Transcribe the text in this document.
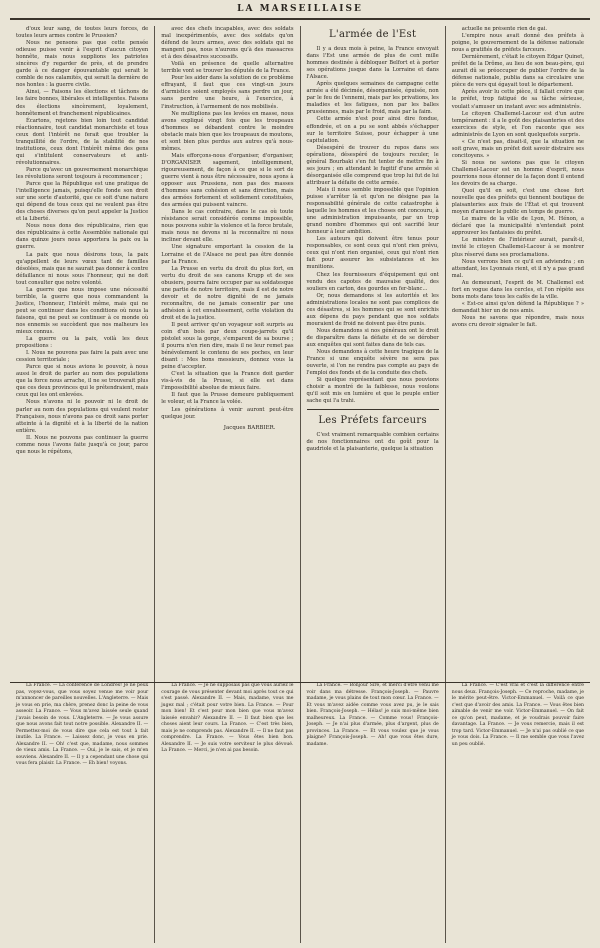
LA MARSEILLAISE

d'oux leur sang, de toutes leurs forces, de toutes leurs armes contre le Prussien?

Nous ne pensons pas que cette pensée odieuse puisse venir à l'esprit d'aucun citoyen honnête, mais nous supplions les patriotes sincères d'y regarder de près, et de prendre garde à ce danger épouvantable qui serait le comble de nos calamités, qui serait la dernière de nos hontes : la guerre civile.

Ainsi, — Faisons les élections et tâchons de les faire bonnes, libérales et intelligentes. Faisons des élections sincèrement, loyalement, honnêtement et franchement républicaines.

Écartons, rejetons bien loin tout candidat réactionnaire, tout candidat monarchiste et tous ceux dont l'intérêt ne ferait que troubler la tranquillité de l'ordre, de la stabilité de nos institutions, ceux dont l'intérêt même des gens qui s'intitulent conservateurs et anti-révolutionnaires.

Parce qu'avec un gouvernement monarchique les révolutions seront toujours à recommencer ;

Parce que la République est une pratique de l'intelligence jamais, puisqu'elle fonde son droit sur une sorte d'autorité, que ce soit d'une nature qui dépend de tous ceux qui ne veulent pas être des choses diverses qu'on peut appeler la Justice et la Liberté.

Nous nous dons des républicains, rien que des républicains à cette Assemblée nationale qui dans quinze jours nous apportera la paix ou la guerre.

La paix que nous désirons tous, la paix qu'appellent de leurs vœux tant de familles désolées, mais que ne saurait pas donner à contre défaillance ni nous sous l'honneur, qui ne doit tout consulter que notre volonté.

La guerre que nous impose une nécessité terrible, la guerre que nous commandent la Justice, l'honneur, l'intérêt même, mais qui ne peut se continuer dans les conditions où nous la faisons, qui ne peut se continuer à ce monde où nos ennemis se succèdent que nos malheurs les mieux connus.

La guerre ou la paix, voilà les deux propositions :

I. Nous ne pouvons pas faire la paix avec une cession territoriale ;

Parce que si nous avions le pouvoir, à nous aussi le droit de parler au nom des populations que la force nous arrache, il ne se trouverait plus que ces deux provinces qui le prétendraient, mais ceux qui les ont enlevées.

Nous n'avons ni le pouvoir ni le droit de parler au nom des populations qui veulent rester Françaises, nous n'avons pas ce droit sans porter atteinte à la dignité et à la liberté de la nation entière.

II. Nous ne pouvons pas continuer la guerre comme nous l'avons faite jusqu'à ce jour, parce que nous le répétons,

avec des chefs incapables, avec des soldats mal inexpérimentés, avec des soldats qu'on défend de leurs armes, avec des soldats qui ne mangent pas, nous n'aurons qu'à des massacres et à des désastres successifs.

Voilà en présence de quelle alternative terrible vont se trouver les députés de la France.

Pour les aider dans la solution de ce problème effrayant, il faut que ces vingt-un jours d'armistice soient employés sans perdre un jour, sans perdre une heure, à l'exercice, à l'instruction, à l'armement de nos mobilisés.

Ne multiplions pas les levées en masse, nous avons expliqué vingt fois que les troupeaux d'hommes se débandent contre le moindre obstacle mais bien que les troupeaux de moutons, et sont bien plus perdus aux autres qu'à nous-mêmes.

Mais efforçons-nous d'organiser, d'organiser, D'ORGANISER sagement, intelligemment, rigoureusement, de façon à ce que si le sort de guerre vient à nous être nécessaire, nous ayons à opposer aux Prussiens, non pas des masses d'hommes sans cohésion et sans direction, mais des armées fortement et solidement constituées, des armées qui puissent vaincre.

Dans le cas contraire, dans le cas où toute résistance serait considérée comme impossible, nous pouvons subir la violence et la force brutale, mais nous ne devons ni la reconnaître ni nous incliner devant elle.

Une signature emportant la cession de la Lorraine et de l'Alsace ne peut pas être donnée par la France.

La Prusse en vertu du droit du plus fort, en vertu du droit de ses canons Krupp et de ses obusiers, pourra faire occuper par sa soldatesque une partie de notre territoire, mais il est de notre devoir et de notre dignité de ne jamais reconnaître, de ne jamais consentir par une adhésion à cet envahissement, cette violation du droit et de la justice.

Il peut arriver qu'un voyageur soit surpris au coin d'un bois par deux coupe-jarrets qu'il pistolet sous la gorge, s'emparent de sa bourse ; il pourra n'en rien dire, mais il ne leur remet pas bénévolement le contenu de ses poches, en leur disant : Mes bons messieurs, donnez vous la peine d'accepter.

C'est la situation que la France doit garder vis-à-vis de la Prusse, si elle est dans l'impossibilité absolue de mieux faire.

Il faut que la Prusse demeure publiquement le voleur, et la France la volée.

Les générations à venir auront peut-être quelque jour.

Jacques BARBIER.
L'armée de l'Est

Il y a deux mois à peine, la France envoyait dans l'Est une armée de plus de cent mille hommes destinée à débloquer Belfort et à porter ses opérations jusque dans la Lorraine et dans l'Alsace.

Après quelques semaines de campagne cette armée a été décimée, désorganisée, épuisée, non par le feu de l'ennemi, mais par les privations, les maladies et les fatigues, non par les balles prussiennes, mais par le froid, mais par la faim.

Cette armée n'est pour ainsi dire fondue, effondrée, et on a pu se sont abbés s'échapper sur le territoire Suisse, pour échapper à une capitulation.

Désespéré de trouver du repos dans ses opérations, désespéré de toujours reculer, le général Bourbaki s'en fut tenter de mettre fin à ses jours ; en attendant le fugitif d'une armée si désorganisée elle comprend que trop lui fut de lui attribuer la défaite de cette armée.

Mais il nous semble impossible que l'opinion puisse s'arrêter là et qu'on ne désigne pas la responsabilité générale de cette catastrophe à laquelle les hommes et les choses ont concouru, à une administration impuissante, par un trop grand nombre d'hommes qui ont sacrifié leur honneur à leur ambition.

Les auteurs qui doivent être tenus pour responsables, ce sont ceux qui n'ont rien prévu, ceux qui n'ont rien organisé, ceux qui n'ont rien fait pour assurer les subsistances et les munitions.

Chez les fournisseurs d'équipement qui ont vendu des capotes de mauvaise qualité, des souliers en carton, des gourdes en fer-blanc...

Or, nous demandons si les autorités et les administrations locales ne sont pas complices de ces désastres, si les hommes qui se sont enrichis aux dépens du pays pendant que nos soldats mouraient de froid ne doivent pas être punis.

Nous demandons si nos généraux ont le droit de disparaître dans la défaite et de se dérober aux enquêtes qui sont faites dans de tels cas.

Nous demandons à cette heure tragique de la France si une enquête sévère ne sera pas ouverte, si l'on ne rendra pas compte au pays de l'emploi des fonds et de la conduite des chefs.

Si quelque représentant que nous pouvions choisir a montré de la faiblesse, nous voulons qu'il soit mis en lumière et que le peuple entier sache qui l'a trahi.

Les Préfets farceurs

C'est vraiment remarquable combien certains de nos fonctionnaires ont du goût pour la gaudriole et la plaisanterie, quelque la situation

actuelle ne présente rien de gai.

L'empire nous avait donné des préfets à poigne, le gouvernement de la défense nationale nous a gratifiés de préfets farceurs.

Dernièrement, c'était le citoyen Edgar Quinet, préfet de la Drôme, au lieu de son beau-père, qui aurait dû se préoccuper de publier l'ordre de la défense nationale, publia dans sa circulaire une pièce de vers qui égayait tout le département.

Après avoir lu cette pièce, il fallait croire que le préfet, trop fatigué de sa tâche sérieuse, voulait s'amuser un instant avec ses administrés.

Le citoyen Challemel-Lacour est d'un autre tempérament : il a le goût des plaisanteries et des exercices de style, et l'on raconte que ses administrés de Lyon en sont quelquefois surpris.

« Ce n'est pas, disait-il, que la situation ne soit grave, mais un préfet doit savoir distraire ses concitoyens. »

Si nous ne savions pas que le citoyen Challemel-Lacour est un homme d'esprit, nous pourrions nous étonner de la façon dont il entend les devoirs de sa charge.

Quoi qu'il en soit, c'est une chose fort nouvelle que des préfets qui tiennent boutique de plaisanteries aux frais de l'État et qui trouvent moyen d'amuser le public en temps de guerre.

Le maire de la ville de Lyon, M. Hénon, a déclaré que la municipalité n'entendait point approuver les fantaisies du préfet.

Le ministre de l'intérieur aurait, paraît-il, invité le citoyen Challemel-Lacour à se montrer plus réservé dans ses proclamations.

Nous verrons bien ce qu'il en adviendra ; en attendant, les Lyonnais rient, et il n'y a pas grand mal.

Au demeurant, l'esprit de M. Challemel est fort en vogue dans les cercles, et l'on répète ses bons mots dans tous les cafés de la ville.

« Est-ce ainsi qu'on défend la République ? » demandait hier un de nos amis.

Nous ne savons que répondre, mais nous avons cru devoir signaler le fait.

La France. — La conférence de Londres! Je ne peux pas, voyez-vous, que vous soyez venue me voir pour m'annoncer de pareilles nouvelles. L'Angleterre. — Mais je vous en prie, ma chère, prenez donc la peine de vous asseoir. La France. — Vous m'avez laissée seule quand j'avais besoin de vous. L'Angleterre. — Je vous assure que nous avons fait tout notre possible. Alexandre II. — Permettez-moi de vous dire que cela est tout à fait inutile. La France. — Laissez donc, je vous en prie. Alexandre II. — Oh! c'est que, madame, nous sommes de vieux amis. La France. — Oui, je le sais, et je m'en souviens. Alexandre II. — Il y a cependant une chose qui vous fera plaisir. La France. — Eh bien! voyons.

La France. — Je ne supposais pas que vous auriez le courage de vous présenter devant moi après tout ce qui s'est passé. Alexandre II. — Mais, madame, vous me jugez mal ; c'était pour votre bien. La France. — Pour mon bien! Et c'est pour mon bien que vous m'avez laissée envahir? Alexandre II. — Il faut bien que les choses aient leur cours. La France. — C'est très bien, mais je ne comprends pas. Alexandre II. — Il ne faut pas comprendre. La France. — Vous êtes bien bon. Alexandre II. — Je suis votre serviteur le plus dévoué. La France. — Merci, je n'en ai pas besoin.

La France. — Bonjour Sire, et merci d'être venu me voir dans ma détresse. François-Joseph. — Pauvre madame, je vous plains de tout mon cœur. La France. — Et vous m'avez aidée comme vous avez pu, je le sais bien. François-Joseph. — Hélas! je suis moi-même bien malheureux. La France. — Comme vous! François-Joseph. — Je n'ai plus d'armée, plus d'argent, plus de provinces. La France. — Et vous voulez que je vous plaigne? François-Joseph. — Ah! que vous êtes dure, madame.

La France. — C'est vrai et c'est la différence entre nous deux. François-Joseph. — Ce reproche, madame, je le mérite peut-être. Victor-Emmanuel. — Voilà ce que c'est que d'avoir des amis. La France. — Vous êtes bien aimable de venir me voir. Victor-Emmanuel. — On fait ce qu'on peut, madame, et je voudrais pouvoir faire davantage. La France. — Je vous remercie, mais il est trop tard. Victor-Emmanuel. — Je n'ai pas oublié ce que je vous dois. La France. — Il me semble que vous l'avez un peu oublié.
